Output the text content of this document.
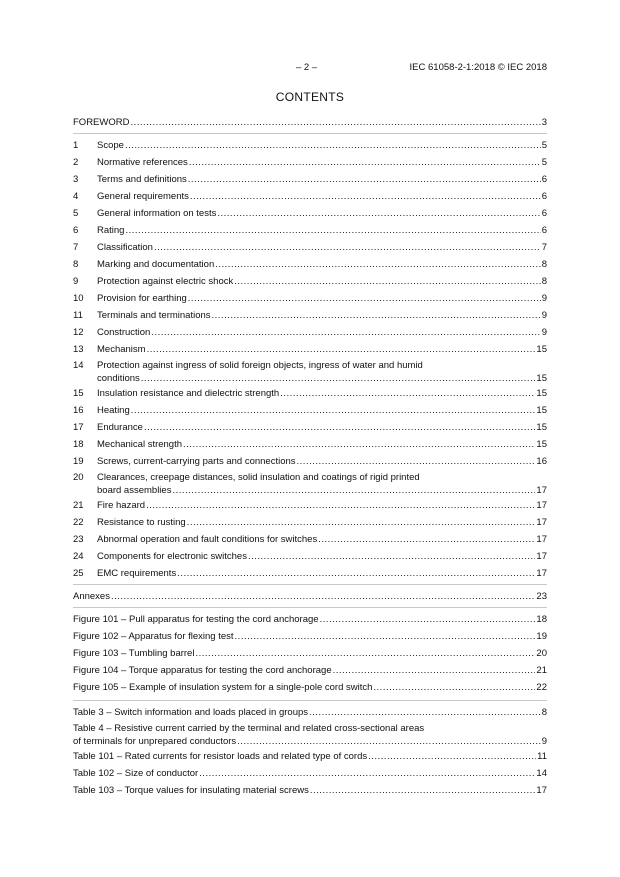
– 2 –	IEC 61058-2-1:2018 © IEC 2018
CONTENTS
FOREWORD .....	3
1	Scope .....	5
2	Normative references .....	5
3	Terms and definitions .....	6
4	General requirements .....	6
5	General information on tests .....	6
6	Rating .....	6
7	Classification .....	7
8	Marking and documentation .....	8
9	Protection against electric shock .....	8
10	Provision for earthing .....	9
11	Terminals and terminations .....	9
12	Construction .....	9
13	Mechanism .....	15
14	Protection against ingress of solid foreign objects, ingress of water and humid
conditions .....	15
15	Insulation resistance and dielectric strength .....	15
16	Heating .....	15
17	Endurance .....	15
18	Mechanical strength .....	15
19	Screws, current-carrying parts and connections .....	16
20	Clearances, creepage distances, solid insulation and coatings of rigid printed
board assemblies .....	17
21	Fire hazard .....	17
22	Resistance to rusting .....	17
23	Abnormal operation and fault conditions for switches .....	17
24	Components for electronic switches .....	17
25	EMC requirements .....	17
Annexes .....	23
Figure 101 – Pull apparatus for testing the cord anchorage .....	18
Figure 102 – Apparatus for flexing test .....	19
Figure 103 – Tumbling barrel .....	20
Figure 104 – Torque apparatus for testing the cord anchorage .....	21
Figure 105 – Example of insulation system for a single-pole cord switch .....	22
Table 3 – Switch information and loads placed in groups .....	8
Table 4 – Resistive current carried by the terminal and related cross-sectional areas
of terminals for unprepared conductors .....	9
Table 101 – Rated currents for resistor loads and related type of cords .....	11
Table 102 – Size of conductor .....	14
Table 103 – Torque values for insulating material screws .....	17
